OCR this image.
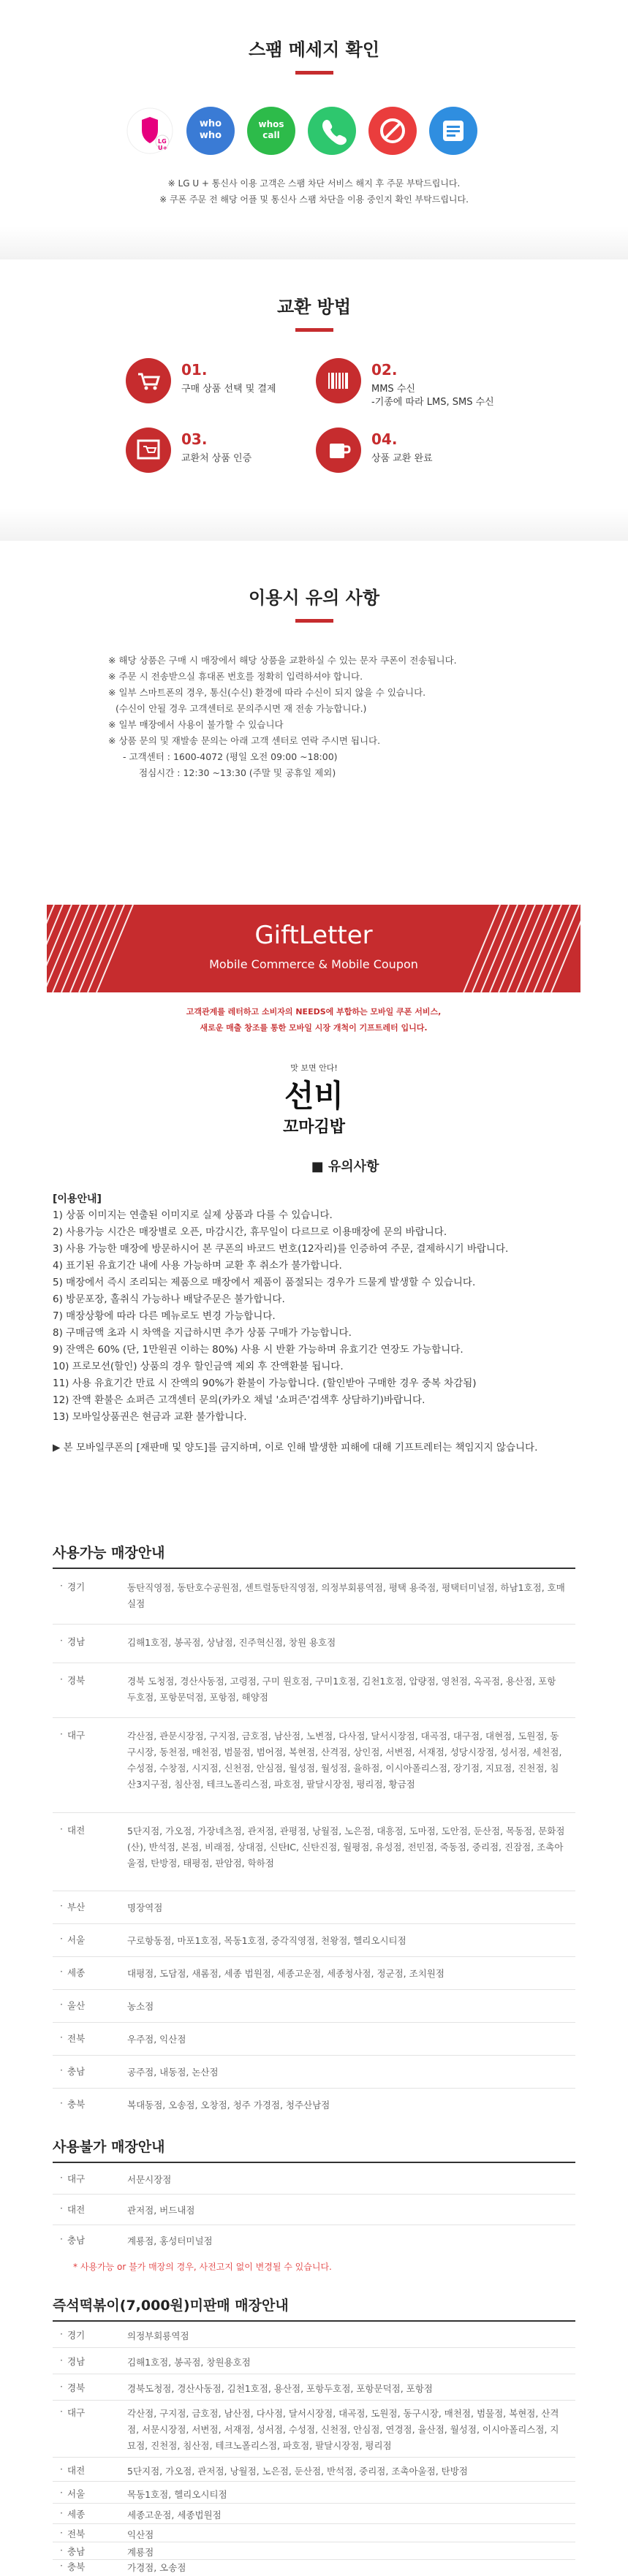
스팸 메세지 확인
LG U+
who who
whos call
※ LG U + 통신사 이용 고객은 스팸 차단 서비스 해지 후 주문 부탁드립니다.
※ 쿠폰 주문 전 해당 어플 및 통신사 스팸 차단을 이용 중인지 확인 부탁드립니다.
교환 방법
01.
구매 상품 선택 및 결제
02.
MMS 수신
-기종에 따라 LMS, SMS 수신
03.
교환처 상품 인증
04.
상품 교환 완료
이용시 유의 사항
※ 해당 상품은 구매 시 매장에서 해당 상품을 교환하실 수 있는 문자 쿠폰이 전송됩니다.
※ 주문 시 전송받으실 휴대폰 번호를 정확히 입력하셔야 합니다.
※ 일부 스마트폰의 경우, 통신(수신) 환경에 따라 수신이 되지 않을 수 있습니다.
(수신이 안될 경우 고객센터로 문의주시면 재 전송 가능합니다.)
※ 일부 매장에서 사용이 불가할 수 있습니다
※ 상품 문의 및 재발송 문의는 아래 고객 센터로 연락 주시면 됩니다.
- 고객센터 : 1600-4072 (평일 오전 09:00 ~18:00)
점심시간 : 12:30 ~13:30 (주말 및 공휴일 제외)
GiftLetter
Mobile Commerce & Mobile Coupon
고객관계를 레터하고 소비자의 NEEDS에 부합하는 모바일 쿠폰 서비스,
새로운 매출 창조를 통한 모바일 시장 개척이 기프트레터 입니다.
맛 보면 안다!
선비
꼬마김밥
■ 유의사항
[이용안내]
1) 상품 이미지는 연출된 이미지로 실제 상품과 다를 수 있습니다.
2) 사용가능 시간은 매장별로 오픈, 마감시간, 휴무일이 다르므로 이용매장에 문의 바랍니다.
3) 사용 가능한 매장에 방문하시어 본 쿠폰의 바코드 번호(12자리)를 인증하여 주문, 결제하시기 바랍니다.
4) 표기된 유효기간 내에 사용 가능하며 교환 후 취소가 불가합니다.
5) 매장에서 즉시 조리되는 제품으로 매장에서 제품이 품절되는 경우가 드물게 발생할 수 있습니다.
6) 방문포장, 홀취식 가능하나 배달주문은 불가합니다.
7) 매장상황에 따라 다른 메뉴로도 변경 가능합니다.
8) 구매금액 초과 시 차액을 지급하시면 추가 상품 구매가 가능합니다.
9) 잔액은 60% (단, 1만원권 이하는 80%) 사용 시 반환 가능하며 유효기간 연장도 가능합니다.
10) 프로모션(할인) 상품의 경우 할인금액 제외 후 잔액환불 됩니다.
11) 사용 유효기간 만료 시 잔액의 90%가 환불이 가능합니다. (할인받아 구매한 경우 중복 차감됨)
12) 잔액 환불은 쇼퍼즌 고객센터 문의(카카오 채널 '쇼퍼즌'검색후 상담하기)바랍니다.
13) 모바일상품권은 현금과 교환 불가합니다.
▶ 본 모바일쿠폰의 [재판매 및 양도]를 금지하며, 이로 인해 발생한 피해에 대해 기프트레터는 책임지지 않습니다.
사용가능 매장안내
· 경기	동탄직영점, 동탄호수공원점, 센트럴동탄직영점, 의정부회룡역점, 평택 용죽점, 평택터미널점, 하남1호점, 호매실점
· 경남	김해1호점, 봉곡점, 상남점, 진주혁신점, 창원 용호점
· 경북	경북 도청점, 경산사동점, 고령점, 구미 원호점, 구미1호점, 김천1호점, 압량점, 영천점, 옥곡점, 용산점, 포항 두호점, 포항문덕점, 포항점, 해양점
· 대구	각산점, 관문시장점, 구지점, 금호점, 남산점, 노변점, 다사점, 달서시장점, 대곡점, 대구점, 대현점, 도원점, 동구시장, 동천점, 매천점, 범물점, 범어점, 복현점, 산격점, 상인점, 서변점, 서재점, 성당시장점, 성서점, 세천점, 수성점, 수창점, 시지점, 신천점, 안심점, 월성점, 월성점, 율하점, 이시아폴리스점, 장기점, 지묘점, 진천점, 침산3지구점, 침산점, 테크노폴리스점, 파호점, 팔달시장점, 평리점, 황금점
· 대전	5단지점, 가오점, 가장네츠점, 관저점, 관평점, 낭월점, 노은점, 대흥점, 도마점, 도안점, 둔산점, 목동점, 문화점(산), 반석점, 본점, 비래점, 상대점, 신탄IC, 신탄진점, 월평점, 유성점, 전민점, 죽동점, 중리점, 진잠점, 조촉아울점, 탄방점, 태평점, 판암점, 학하점
· 부산	명장역점
· 서울	구로항동점, 마포1호점, 목동1호점, 중각직영점, 천왕점, 헬리오시티점
· 세종	대평점, 도담점, 새롬점, 세종 법원점, 세종고운점, 세종청사점, 정군점, 조치원점
· 울산	농소점
· 전북	우주점, 익산점
· 충남	공주점, 내동점, 논산점
· 충북	복대동점, 오송점, 오창점, 청주 가경점, 청주산남점
사용불가 매장안내
· 대구	서문시장점
· 대전	관저점, 버드내점
· 충남	계룡점, 홍성터미널점
* 사용가능 or 불가 매장의 경우, 사전고지 없이 변경될 수 있습니다.
즉석떡볶이(7,000원)미판매 매장안내
· 경기	의정부회룡역점
· 경남	김해1호점, 봉곡점, 창원용호점
· 경북	경북도청점, 경산사동점, 김천1호점, 용산점, 포항두호점, 포항문덕점, 포항점
· 대구	각산점, 구지점, 금호점, 남산점, 다사점, 달서시장점, 대곡점, 도원점, 동구시장, 매천점, 범물점, 복현점, 산격점, 서문시장점, 서변점, 서재점, 성서점, 수성점, 신천점, 안심점, 연경점, 율산점, 월성점, 이시아폴리스점, 지묘점, 진천점, 침산점, 테크노폴리스점, 파호점, 팔달시장점, 평리점
· 대전	5단지점, 가오점, 관저점, 낭월점, 노은점, 둔산점, 반석점, 중리점, 조촉아울점, 탄방점
· 서울	목동1호점, 헬리오시티점
· 세종	세종고운점, 세종법원점
· 전북	익산점
· 충남	계룡점
· 충북	가경점, 오송점
